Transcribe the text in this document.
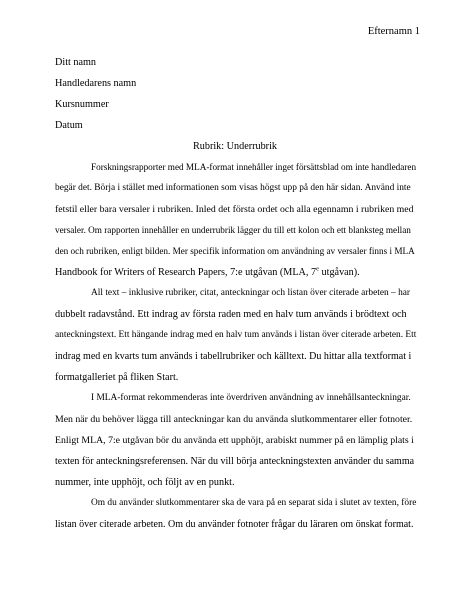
Efternamn 1

Ditt namn

Handledarens namn

Kursnummer

Datum

Rubrik: Underrubrik

Forskningsrapporter med MLA-format innehåller inget försättsblad om inte handledaren
begär det. Börja i stället med informationen som visas högst upp på den här sidan. Använd inte
fetstil eller bara versaler i rubriken. Inled det första ordet och alla egennamn i rubriken med
versaler. Om rapporten innehåller en underrubrik lägger du till ett kolon och ett blanksteg mellan
den och rubriken, enligt bilden. Mer specifik information om användning av versaler finns i MLA
Handbook for Writers of Research Papers, 7:e utgåvan (MLA, 7e utgåvan).
All text – inklusive rubriker, citat, anteckningar och listan över citerade arbeten – har
dubbelt radavstånd. Ett indrag av första raden med en halv tum används i brödtext och
anteckningstext. Ett hängande indrag med en halv tum används i listan över citerade arbeten. Ett
indrag med en kvarts tum används i tabellrubriker och källtext. Du hittar alla textformat i
formatgalleriet på fliken Start.
I MLA-format rekommenderas inte överdriven användning av innehållsanteckningar.
Men när du behöver lägga till anteckningar kan du använda slutkommentarer eller fotnoter.
Enligt MLA, 7:e utgåvan bör du använda ett upphöjt, arabiskt nummer på en lämplig plats i
texten för anteckningsreferensen. När du vill börja anteckningstexten använder du samma
nummer, inte upphöjt, och följt av en punkt.
Om du använder slutkommentarer ska de vara på en separat sida i slutet av texten, före
listan över citerade arbeten. Om du använder fotnoter frågar du läraren om önskat format.
